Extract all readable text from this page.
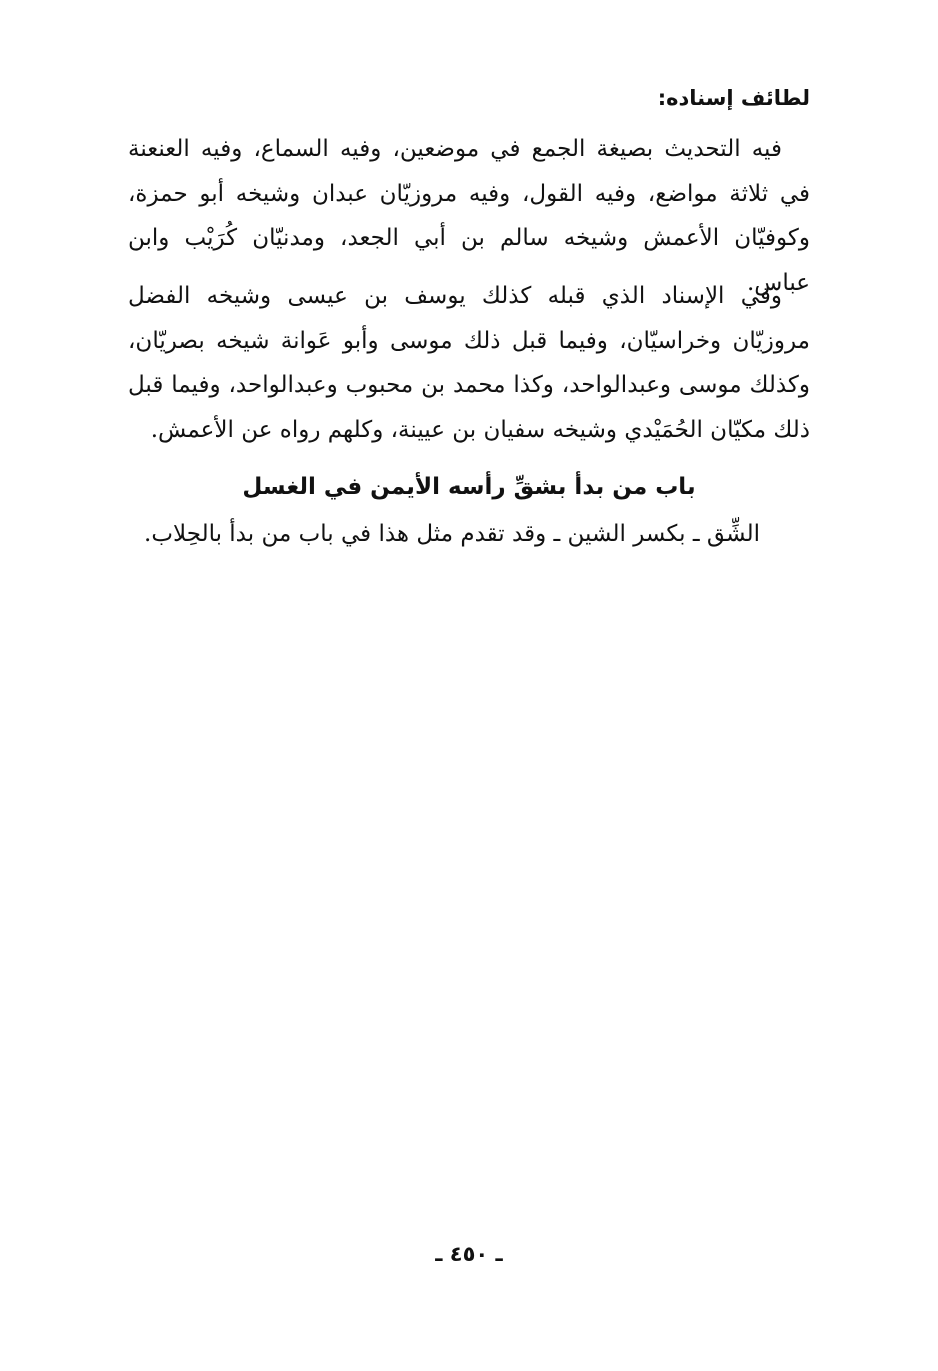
لطائف إسناده:

فيه التحديث بصيغة الجمع في موضعين، وفيه السماع، وفيه العنعنة في ثلاثة مواضع، وفيه القول، وفيه مروزيّان عبدان وشيخه أبو حمزة، وكوفيّان الأعمش وشيخه سالم بن أبي الجعد، ومدنيّان كُرَيْب وابن عباس.

وفي الإسناد الذي قبله كذلك يوسف بن عيسى وشيخه الفضل مروزيّان وخراسيّان، وفيما قبل ذلك موسى وأبو عَوانة شيخه بصريّان، وكذلك موسى وعبدالواحد، وكذا محمد بن محبوب وعبدالواحد، وفيما قبل ذلك مكيّان الحُمَيْدي وشيخه سفيان بن عيينة، وكلهم رواه عن الأعمش.

باب من بدأ بشقِّ رأسه الأيمن في الغسل
الشِّق ـ بكسر الشين ـ وقد تقدم مثل هذا في باب من بدأ بالحِلاب.
ـ ٤٥٠ ـ
